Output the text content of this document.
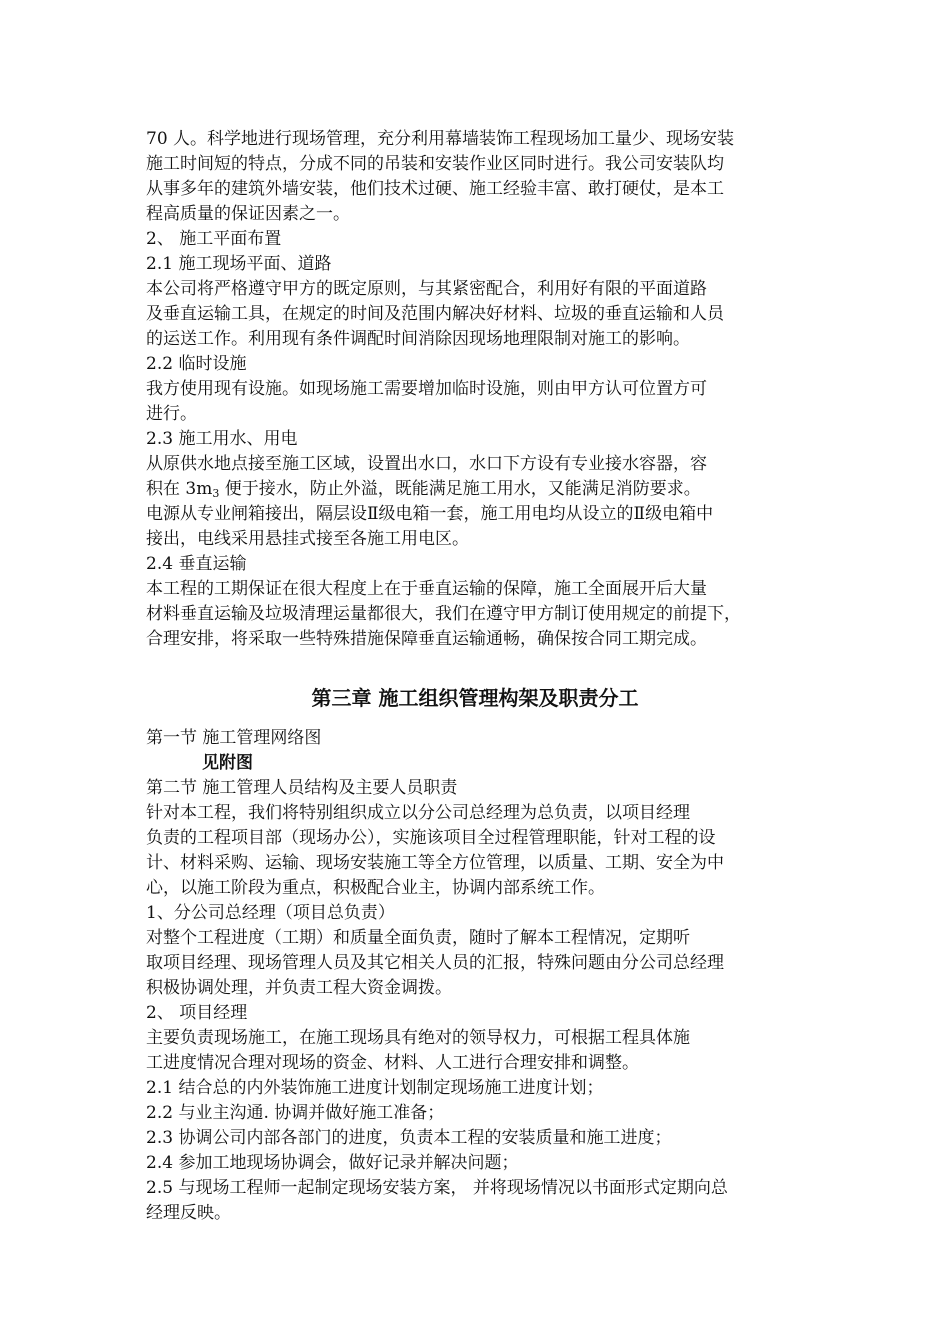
70 人。科学地进行现场管理，充分利用幕墙装饰工程现场加工量少、现场安装
施工时间短的特点，分成不同的吊装和安装作业区同时进行。我公司安装队均
从事多年的建筑外墙安装，他们技术过硬、施工经验丰富、敢打硬仗，是本工
程高质量的保证因素之一。
2、 施工平面布置
2.1 施工现场平面、道路
本公司将严格遵守甲方的既定原则，与其紧密配合，利用好有限的平面道路
及垂直运输工具，在规定的时间及范围内解决好材料、垃圾的垂直运输和人员
的运送工作。利用现有条件调配时间消除因现场地理限制对施工的影响。
2.2 临时设施
我方使用现有设施。如现场施工需要增加临时设施，则由甲方认可位置方可
进行。
2.3 施工用水、用电
从原供水地点接至施工区域，设置出水口，水口下方设有专业接水容器，容
积在 $3m_3$ 便于接水，防止外溢，既能满足施工用水，又能满足消防要求。
电源从专业闸箱接出，隔层设Ⅱ级电箱一套，施工用电均从设立的Ⅱ级电箱中
接出，电线采用悬挂式接至各施工用电区。
2.4 垂直运输
本工程的工期保证在很大程度上在于垂直运输的保障，施工全面展开后大量
材料垂直运输及垃圾清理运量都很大，我们在遵守甲方制订使用规定的前提下，
合理安排，将采取一些特殊措施保障垂直运输通畅，确保按合同工期完成。
第三章 施工组织管理构架及职责分工
第一节 施工管理网络图
见附图
第二节 施工管理人员结构及主要人员职责
针对本工程，我们将特别组织成立以分公司总经理为总负责，以项目经理
负责的工程项目部（现场办公），实施该项目全过程管理职能，针对工程的设
计、材料采购、运输、现场安装施工等全方位管理，以质量、工期、安全为中
心，以施工阶段为重点，积极配合业主，协调内部系统工作。
1、分公司总经理（项目总负责）
对整个工程进度（工期）和质量全面负责，随时了解本工程情况，定期听
取项目经理、现场管理人员及其它相关人员的汇报，特殊问题由分公司总经理
积极协调处理，并负责工程大资金调拨。
2、 项目经理
主要负责现场施工，在施工现场具有绝对的领导权力，可根据工程具体施
工进度情况合理对现场的资金、材料、人工进行合理安排和调整。
2.1 结合总的内外装饰施工进度计划制定现场施工进度计划；
2.2 与业主沟通. 协调并做好施工准备；
2.3 协调公司内部各部门的进度，负责本工程的安装质量和施工进度；
2.4 参加工地现场协调会，做好记录并解决问题；
2.5 与现场工程师一起制定现场安装方案， 并将现场情况以书面形式定期向总
经理反映。
